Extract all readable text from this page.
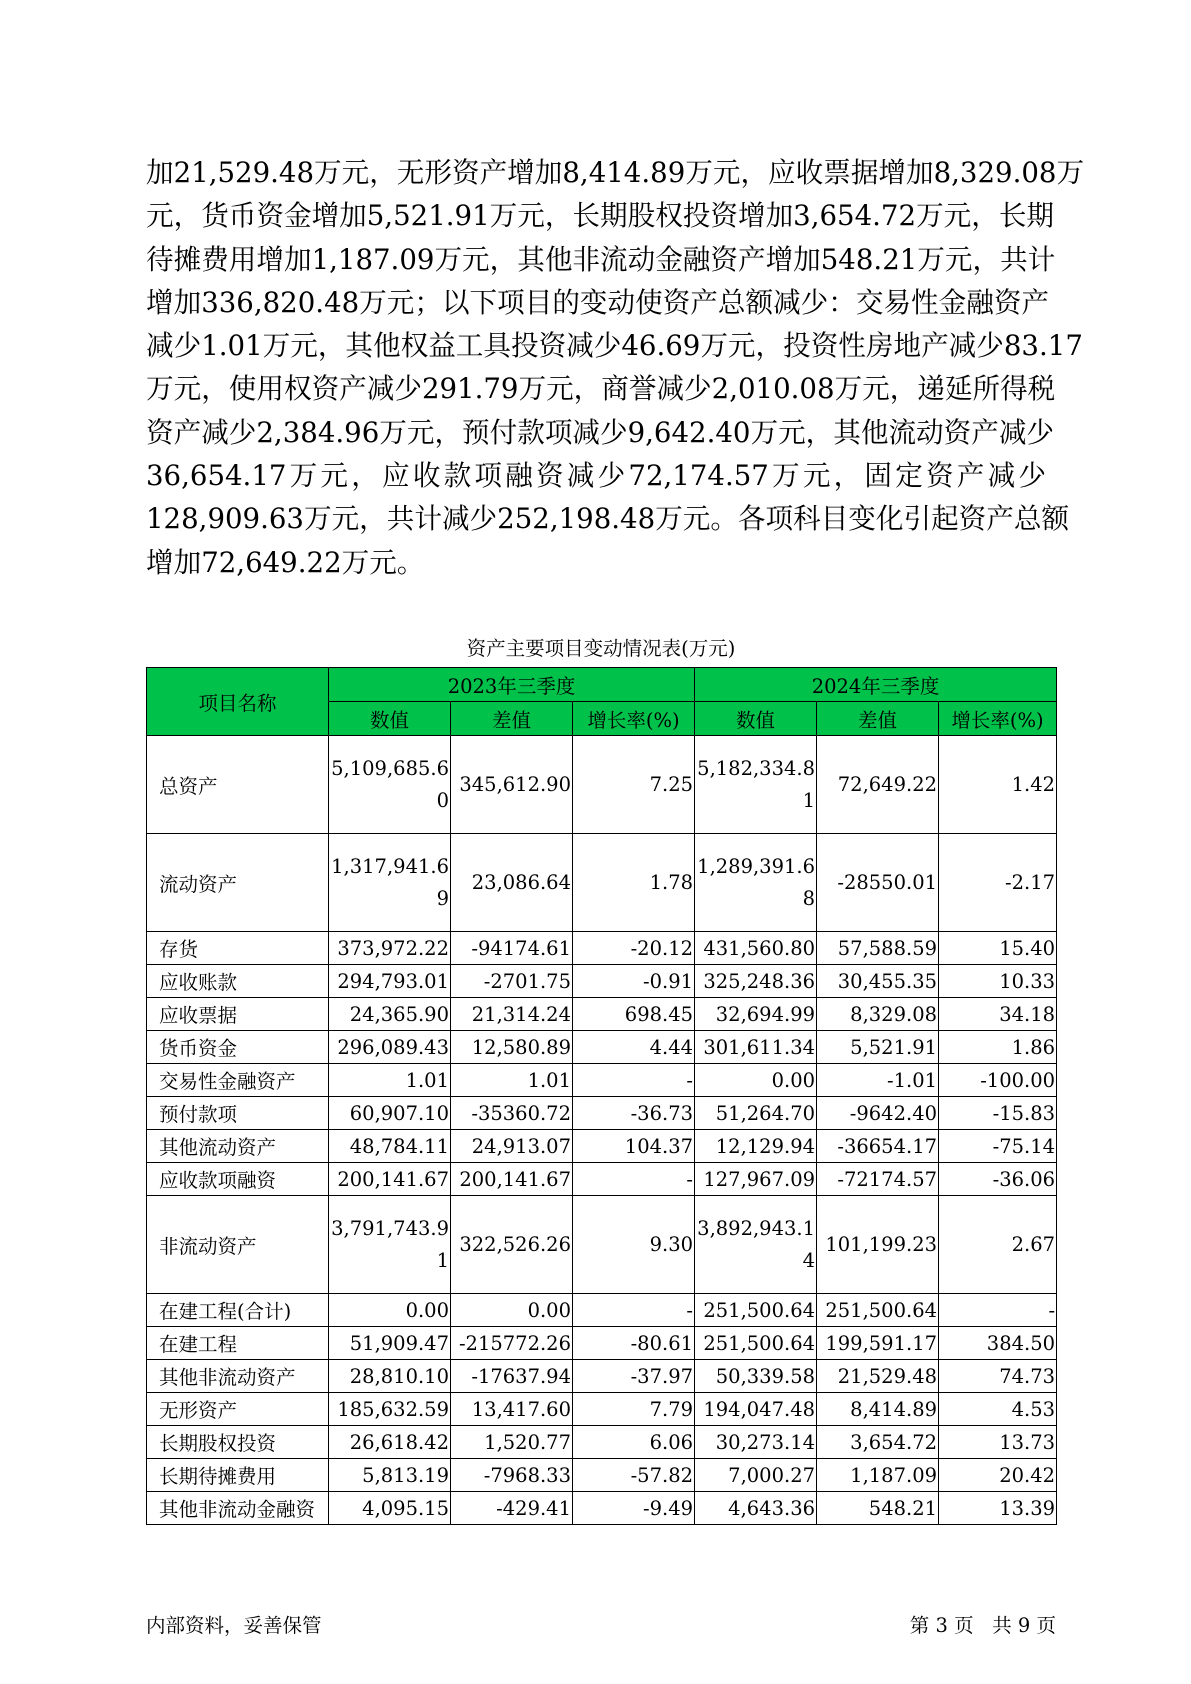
加21,529.48万元，无形资产增加8,414.89万元，应收票据增加8,329.08万
元，货币资金增加5,521.91万元，长期股权投资增加3,654.72万元，长期
待摊费用增加1,187.09万元，其他非流动金融资产增加548.21万元，共计
增加336,820.48万元；以下项目的变动使资产总额减少：交易性金融资产
减少1.01万元，其他权益工具投资减少46.69万元，投资性房地产减少83.17
万元，使用权资产减少291.79万元，商誉减少2,010.08万元，递延所得税
资产减少2,384.96万元，预付款项减少9,642.40万元，其他流动资产减少
36,654.17万元，应收款项融资减少72,174.57万元，固定资产减少
128,909.63万元，共计减少252,198.48万元。各项科目变化引起资产总额
增加72,649.22万元。
资产主要项目变动情况表(万元)
项目名称	2023年三季度			2024年三季度		
	数值	差值	增长率(%)	数值	差值	增长率(%)
总资产	5,109,685.60	345,612.90	7.25	5,182,334.81	72,649.22	1.42
流动资产	1,317,941.69	23,086.64	1.78	1,289,391.68	-28550.01	-2.17
存货	373,972.22	-94174.61	-20.12	431,560.80	57,588.59	15.40
应收账款	294,793.01	-2701.75	-0.91	325,248.36	30,455.35	10.33
应收票据	24,365.90	21,314.24	698.45	32,694.99	8,329.08	34.18
货币资金	296,089.43	12,580.89	4.44	301,611.34	5,521.91	1.86
交易性金融资产	1.01	1.01	-	0.00	-1.01	-100.00
预付款项	60,907.10	-35360.72	-36.73	51,264.70	-9642.40	-15.83
其他流动资产	48,784.11	24,913.07	104.37	12,129.94	-36654.17	-75.14
应收款项融资	200,141.67	200,141.67	-	127,967.09	-72174.57	-36.06
非流动资产	3,791,743.91	322,526.26	9.30	3,892,943.14	101,199.23	2.67
在建工程(合计)	0.00	0.00	-	251,500.64	251,500.64	-
在建工程	51,909.47	-215772.26	-80.61	251,500.64	199,591.17	384.50
其他非流动资产	28,810.10	-17637.94	-37.97	50,339.58	21,529.48	74.73
无形资产	185,632.59	13,417.60	7.79	194,047.48	8,414.89	4.53
长期股权投资	26,618.42	1,520.77	6.06	30,273.14	3,654.72	13.73
长期待摊费用	5,813.19	-7968.33	-57.82	7,000.27	1,187.09	20.42
其他非流动金融资	4,095.15	-429.41	-9.49	4,643.36	548.21	13.39
内部资料，妥善保管	第 3 页   共 9 页
